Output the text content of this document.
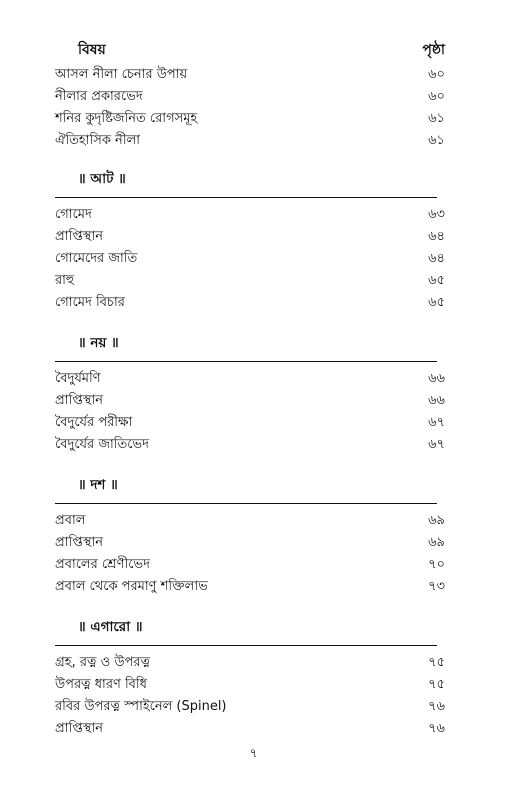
বিষয়	পৃষ্ঠা
আসল নীলা চেনার উপায়	৬০
নীলার প্রকারভেদ	৬০
শনির কুদৃষ্টিজনিত রোগসমূহ	৬১
ঐতিহাসিক নীলা	৬১
॥ আট ॥
গোমেদ	৬৩
প্রাপ্তিস্থান	৬৪
গোমেদের জাতি	৬৪
রাহু	৬৫
গোমেদ বিচার	৬৫
॥ নয় ॥
বৈদুর্যমণি	৬৬
প্রাপ্তিস্থান	৬৬
বৈদুর্যের পরীক্ষা	৬৭
বৈদুর্যের জাতিভেদ	৬৭
॥ দশ ॥
প্রবাল	৬৯
প্রাপ্তিস্থান	৬৯
প্রবালের শ্রেণীভেদ	৭০
প্রবাল থেকে পরমাণু শক্তিলাভ	৭৩
॥ এগারো ॥
গ্রহ, রত্ন ও উপরত্ন	৭৫
উপরত্ন ধারণ বিধি	৭৫
রবির উপরত্ন স্পাইনেল (Spinel)	৭৬
প্রাপ্তিস্থান	৭৬
৭
